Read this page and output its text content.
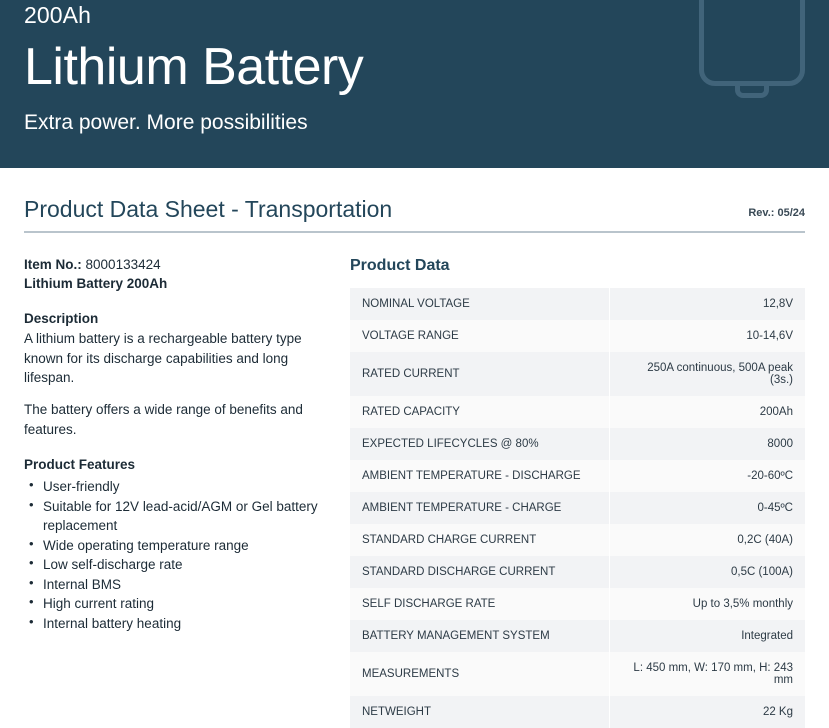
200Ah
Lithium Battery
Extra power. More possibilities
Product Data Sheet - Transportation	Rev.: 05/24
Item No.: 8000133424
Lithium Battery 200Ah
Description

A lithium battery is a rechargeable battery type known for its discharge capabilities and long lifespan.

The battery offers a wide range of benefits and features.

Product Features
• User-friendly
• Suitable for 12V lead-acid/AGM or Gel battery replacement
• Wide operating temperature range
• Low self-discharge rate
• Internal BMS
• High current rating
• Internal battery heating
Product Data
NOMINAL VOLTAGE	12,8V
VOLTAGE RANGE	10-14,6V
RATED CURRENT	250A continuous, 500A peak (3s.)
RATED CAPACITY	200Ah
EXPECTED LIFECYCLES @ 80%	8000
AMBIENT TEMPERATURE - DISCHARGE	-20-60ºC
AMBIENT TEMPERATURE - CHARGE	0-45ºC
STANDARD CHARGE CURRENT	0,2C (40A)
STANDARD DISCHARGE CURRENT	0,5C (100A)
SELF DISCHARGE RATE	Up to 3,5% monthly
BATTERY MANAGEMENT SYSTEM	Integrated
MEASUREMENTS	L: 450 mm, W: 170 mm, H: 243 mm
NETWEIGHT	22 Kg
